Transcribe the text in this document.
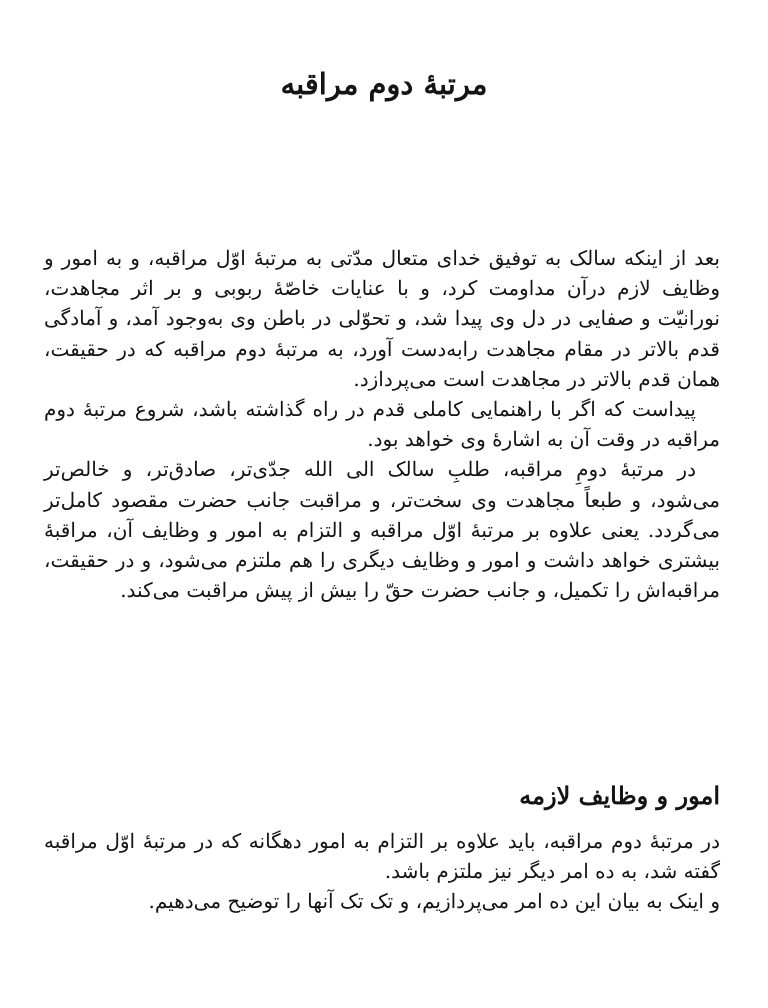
مرتبهٔ دوم مراقبه

بعد از اینکه سالک به توفیق خدای متعال مدّتی به مرتبهٔ اوّل مراقبه، و به امور و وظایف لازم درآن مداومت کرد، و با عنایات خاصّهٔ ربوبی و بر اثر مجاهدت، نورانیّت و صفایی در دل وی پیدا شد، و تحوّلی در باطن وی به‌وجود آمد، و آمادگی قدم بالاتر در مقام مجاهدت رابه‌دست آورد، به مرتبهٔ دوم مراقبه که در حقیقت، همان قدم بالاتر در مجاهدت است می‌پردازد.

پیداست که اگر با راهنمایی کاملی قدم در راه گذاشته باشد، شروع مرتبهٔ دوم مراقبه در وقت آن به اشارهٔ وی خواهد بود.

در مرتبهٔ دومِ مراقبه، طلبِ سالک الی الله جدّی‌تر، صادق‌تر، و خالص‌تر می‌شود، و طبعاً مجاهدت وی سخت‌تر، و مراقبت جانب حضرت مقصود کامل‌تر می‌گردد. یعنی علاوه بر مرتبهٔ اوّل مراقبه و التزام به امور و وظایف آن، مراقبهٔ بیشتری خواهد داشت و امور و وظایف دیگری را هم ملتزم می‌شود، و در حقیقت، مراقبه‌اش را تکمیل، و جانب حضرت حقّ را بیش از پیش مراقبت می‌کند.

امور و وظایف لازمه

در مرتبهٔ دوم مراقبه، باید علاوه بر التزام به امور دهگانه که در مرتبهٔ اوّل مراقبه گفته شد، به ده امر دیگر نیز ملتزم باشد.

و اینک به بیان این ده امر می‌پردازیم، و تک تک آنها را توضیح می‌دهیم.
